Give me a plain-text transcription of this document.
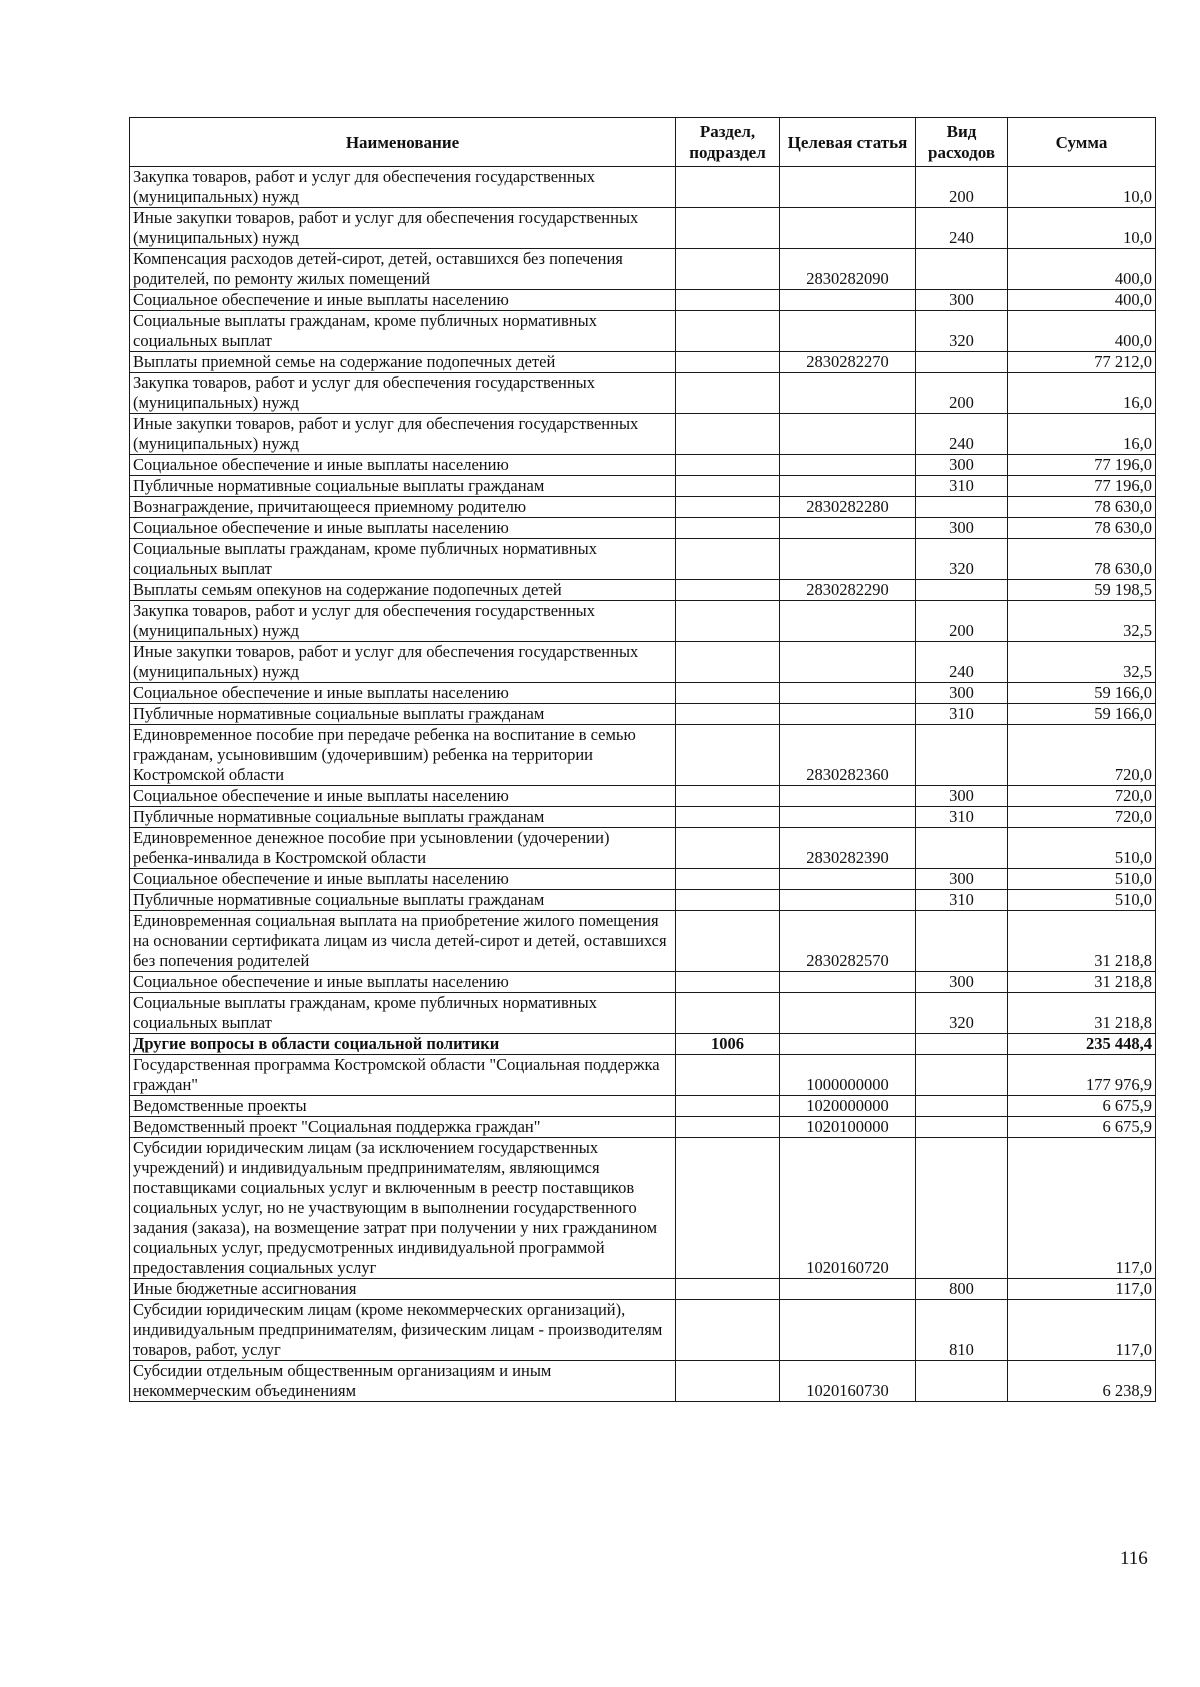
Наименование	Раздел, подраздел	Целевая статья	Вид расходов	Сумма
Закупка товаров, работ и услуг для обеспечения государственных (муниципальных) нужд			200	10,0
Иные закупки товаров, работ и услуг для обеспечения государственных (муниципальных) нужд			240	10,0
Компенсация расходов детей-сирот, детей, оставшихся без попечения родителей, по ремонту жилых помещений		2830282090		400,0
Социальное обеспечение и иные выплаты населению			300	400,0
Социальные выплаты гражданам, кроме публичных нормативных социальных выплат			320	400,0
Выплаты приемной семье на содержание подопечных детей		2830282270		77 212,0
Закупка товаров, работ и услуг для обеспечения государственных (муниципальных) нужд			200	16,0
Иные закупки товаров, работ и услуг для обеспечения государственных (муниципальных) нужд			240	16,0
Социальное обеспечение и иные выплаты населению			300	77 196,0
Публичные нормативные социальные выплаты гражданам			310	77 196,0
Вознаграждение, причитающееся приемному родителю		2830282280		78 630,0
Социальное обеспечение и иные выплаты населению			300	78 630,0
Социальные выплаты гражданам, кроме публичных нормативных социальных выплат			320	78 630,0
Выплаты семьям опекунов на содержание подопечных детей		2830282290		59 198,5
Закупка товаров, работ и услуг для обеспечения государственных (муниципальных) нужд			200	32,5
Иные закупки товаров, работ и услуг для обеспечения государственных (муниципальных) нужд			240	32,5
Социальное обеспечение и иные выплаты населению			300	59 166,0
Публичные нормативные социальные выплаты гражданам			310	59 166,0
Единовременное пособие при передаче ребенка на воспитание в семью гражданам, усыновившим (удочерившим) ребенка на территории Костромской области		2830282360		720,0
Социальное обеспечение и иные выплаты населению			300	720,0
Публичные нормативные социальные выплаты гражданам			310	720,0
Единовременное денежное пособие при усыновлении (удочерении) ребенка-инвалида в Костромской области		2830282390		510,0
Социальное обеспечение и иные выплаты населению			300	510,0
Публичные нормативные социальные выплаты гражданам			310	510,0
Единовременная социальная выплата на приобретение жилого помещения на основании сертификата лицам из числа детей-сирот и детей, оставшихся без попечения родителей		2830282570		31 218,8
Социальное обеспечение и иные выплаты населению			300	31 218,8
Социальные выплаты гражданам, кроме публичных нормативных социальных выплат			320	31 218,8
Другие вопросы в области социальной политики	1006			235 448,4
Государственная программа Костромской области "Социальная поддержка граждан"		1000000000		177 976,9
Ведомственные проекты		1020000000		6 675,9
Ведомственный проект "Социальная поддержка граждан"		1020100000		6 675,9
Субсидии юридическим лицам (за исключением государственных учреждений) и индивидуальным предпринимателям, являющимся поставщиками социальных услуг и включенным в реестр поставщиков социальных услуг, но не участвующим в выполнении государственного задания (заказа), на возмещение затрат при получении у них гражданином социальных услуг, предусмотренных индивидуальной программой предоставления социальных услуг		1020160720		117,0
Иные бюджетные ассигнования			800	117,0
Субсидии юридическим лицам (кроме некоммерческих организаций), индивидуальным предпринимателям, физическим лицам - производителям товаров, работ, услуг			810	117,0
Субсидии отдельным общественным организациям и иным некоммерческим объединениям		1020160730		6 238,9
116
